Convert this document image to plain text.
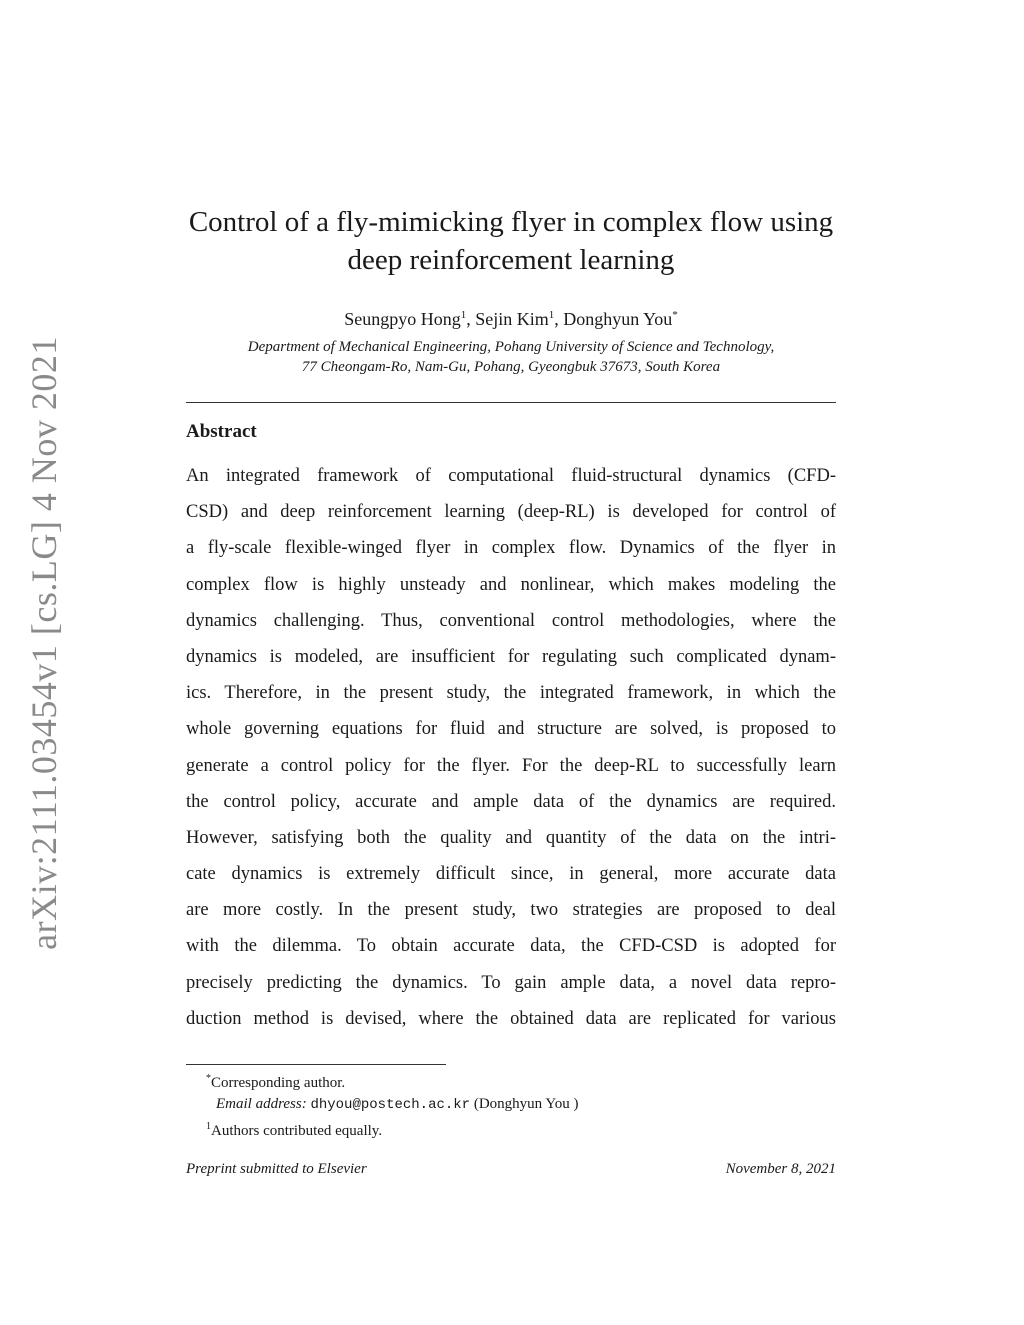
arXiv:2111.03454v1 [cs.LG] 4 Nov 2021
Control of a fly-mimicking flyer in complex flow using
deep reinforcement learning
Seungpyo Hong$^1$, Sejin Kim$^1$, Donghyun You*
Department of Mechanical Engineering, Pohang University of Science and Technology,
77 Cheongam-Ro, Nam-Gu, Pohang, Gyeongbuk 37673, South Korea
Abstract
An integrated framework of computational fluid-structural dynamics (CFD-
CSD) and deep reinforcement learning (deep-RL) is developed for control of
a fly-scale flexible-winged flyer in complex flow. Dynamics of the flyer in
complex flow is highly unsteady and nonlinear, which makes modeling the
dynamics challenging. Thus, conventional control methodologies, where the
dynamics is modeled, are insufficient for regulating such complicated dynam-
ics. Therefore, in the present study, the integrated framework, in which the
whole governing equations for fluid and structure are solved, is proposed to
generate a control policy for the flyer. For the deep-RL to successfully learn
the control policy, accurate and ample data of the dynamics are required.
However, satisfying both the quality and quantity of the data on the intri-
cate dynamics is extremely difficult since, in general, more accurate data
are more costly. In the present study, two strategies are proposed to deal
with the dilemma. To obtain accurate data, the CFD-CSD is adopted for
precisely predicting the dynamics. To gain ample data, a novel data repro-
duction method is devised, where the obtained data are replicated for various
*Corresponding author.
Email address: dhyou@postech.ac.kr (Donghyun You )
$^1$Authors contributed equally.
Preprint submitted to Elsevier	November 8, 2021
